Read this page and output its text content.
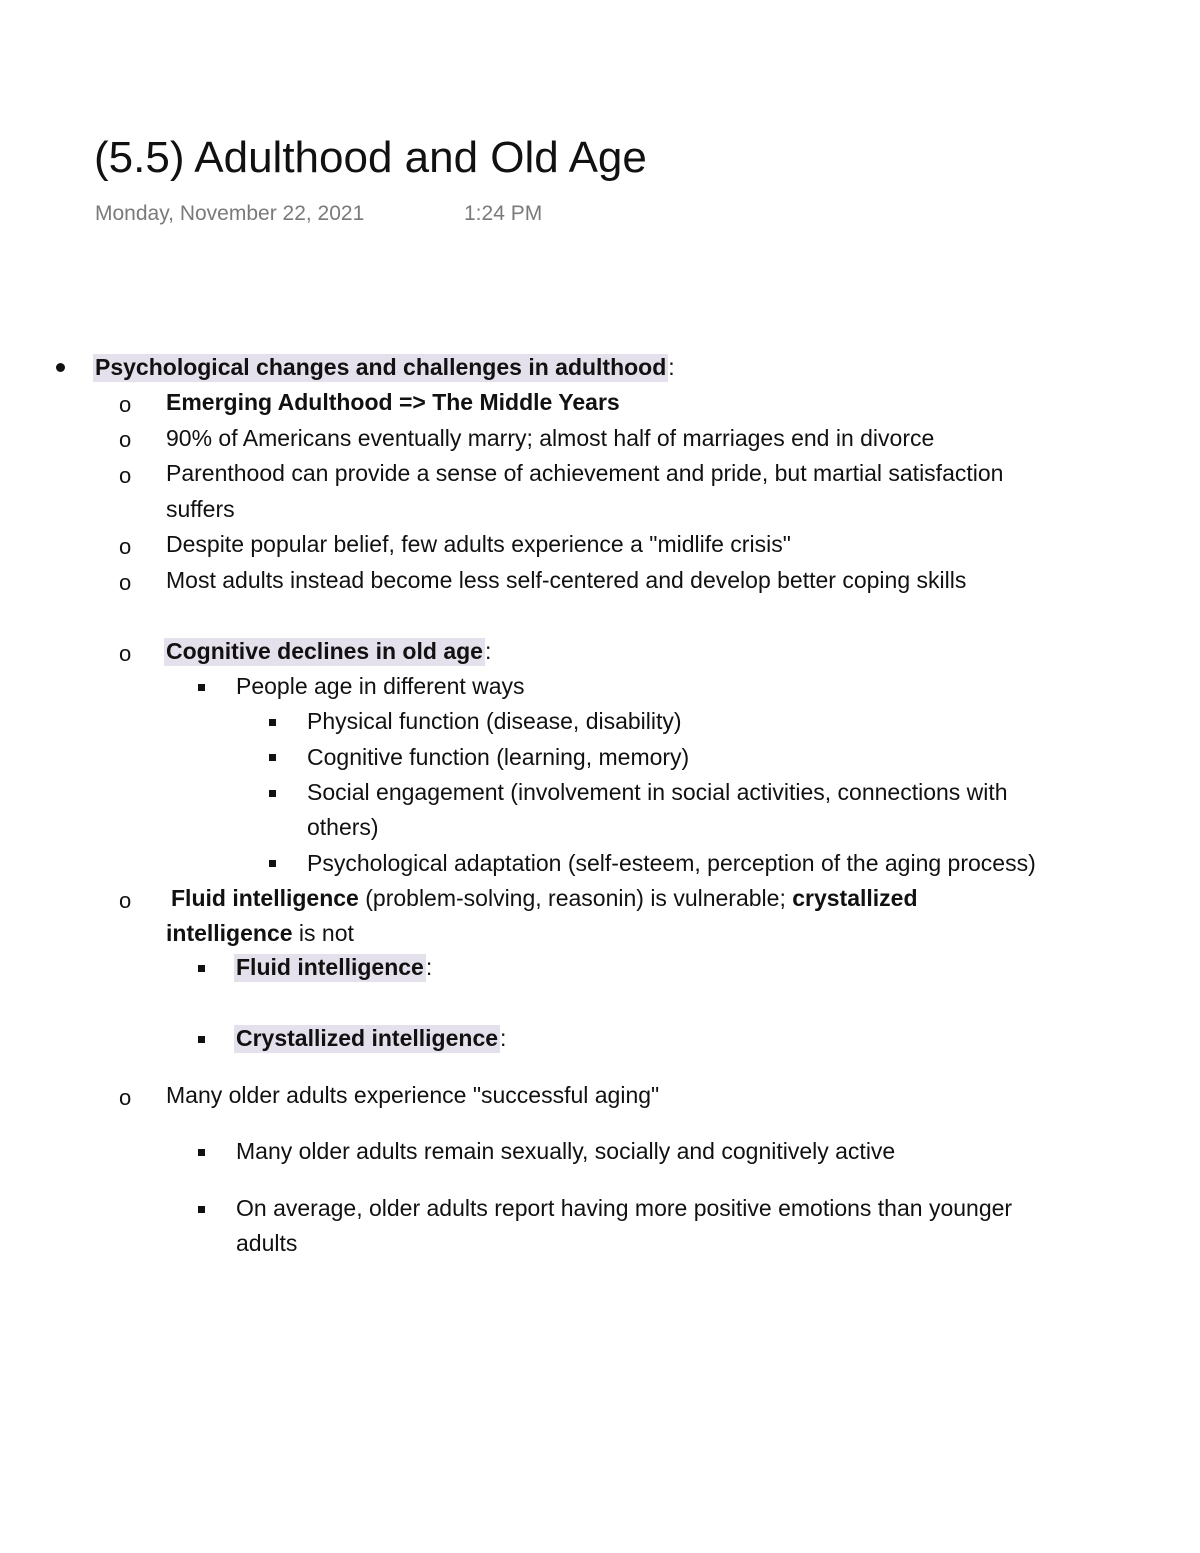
(5.5) Adulthood and Old Age
Monday, November 22, 2021	1:24 PM
Psychological changes and challenges in adulthood:
o Emerging Adulthood => The Middle Years
o 90% of Americans eventually marry; almost half of marriages end in divorce
o Parenthood can provide a sense of achievement and pride, but martial satisfaction
suffers
o Despite popular belief, few adults experience a "midlife crisis"
o Most adults instead become less self-centered and develop better coping skills
o Cognitive declines in old age:
People age in different ways
Physical function (disease, disability)
Cognitive function (learning, memory)
Social engagement (involvement in social activities, connections with
others)
Psychological adaptation (self-esteem, perception of the aging process)
o Fluid intelligence (problem-solving, reasonin) is vulnerable; crystallized
intelligence is not
Fluid intelligence:
Crystallized intelligence:
o Many older adults experience "successful aging"
Many older adults remain sexually, socially and cognitively active
On average, older adults report having more positive emotions than younger
adults
